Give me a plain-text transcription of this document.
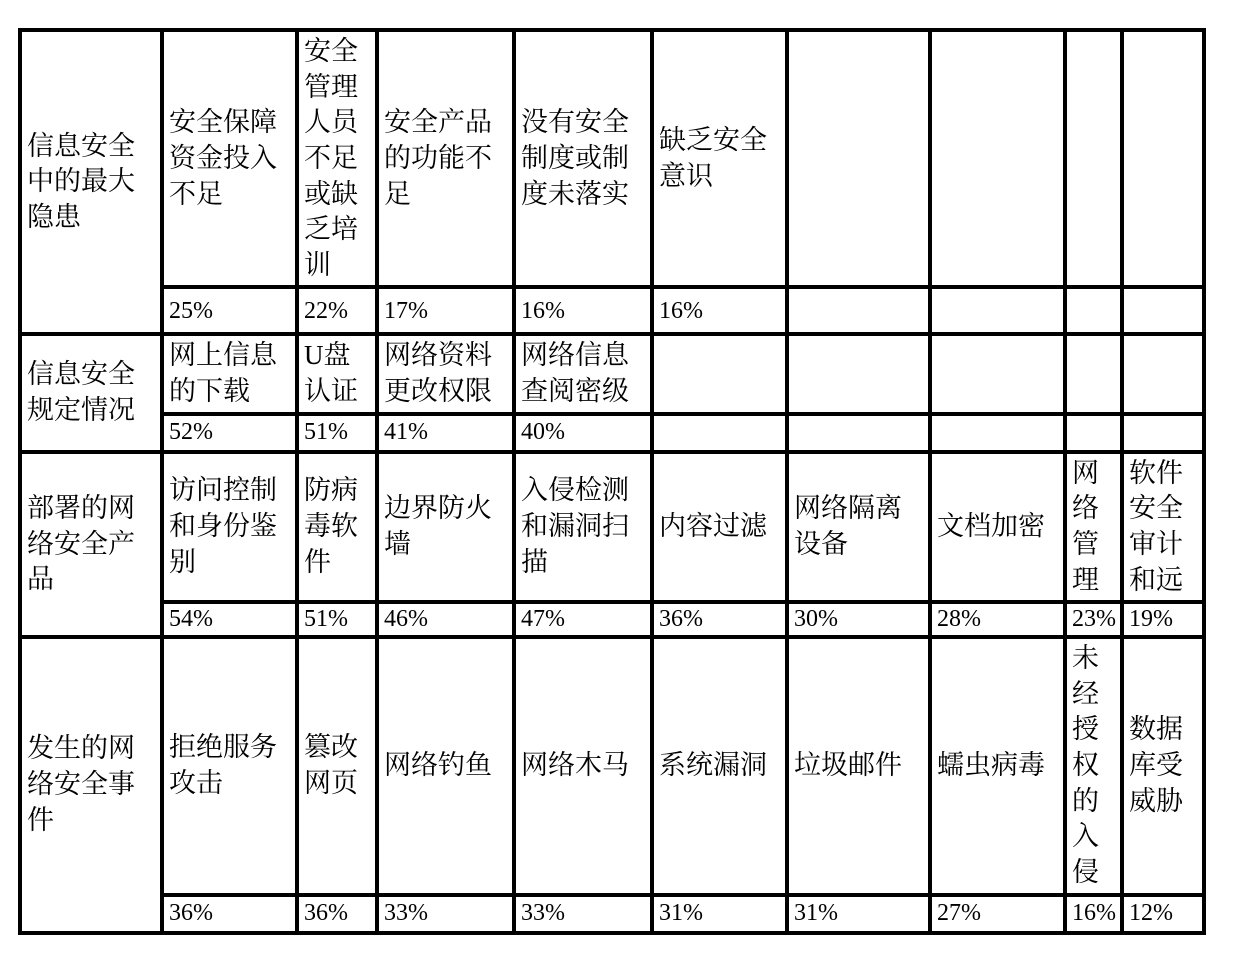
信息安全中的最大隐患	安全保障资金投入不足	安全管理人员不足或缺乏培训	安全产品的功能不足	没有安全制度或制度未落实	缺乏安全意识				
	25%	22%	17%	16%	16%				
信息安全规定情况	网上信息的下载	U盘认证	网络资料更改权限	网络信息查阅密级					
	52%	51%	41%	40%					
部署的网络安全产品	访问控制和身份鉴别	防病毒软件	边界防火墙	入侵检测和漏洞扫描	内容过滤	网络隔离设备	文档加密	网络管理	软件安全审计和远
	54%	51%	46%	47%	36%	30%	28%	23%	19%
发生的网络安全事件	拒绝服务攻击	篡改网页	网络钓鱼	网络木马	系统漏洞	垃圾邮件	蠕虫病毒	未经授权的入侵	数据库受威胁
	36%	36%	33%	33%	31%	31%	27%	16%	12%
